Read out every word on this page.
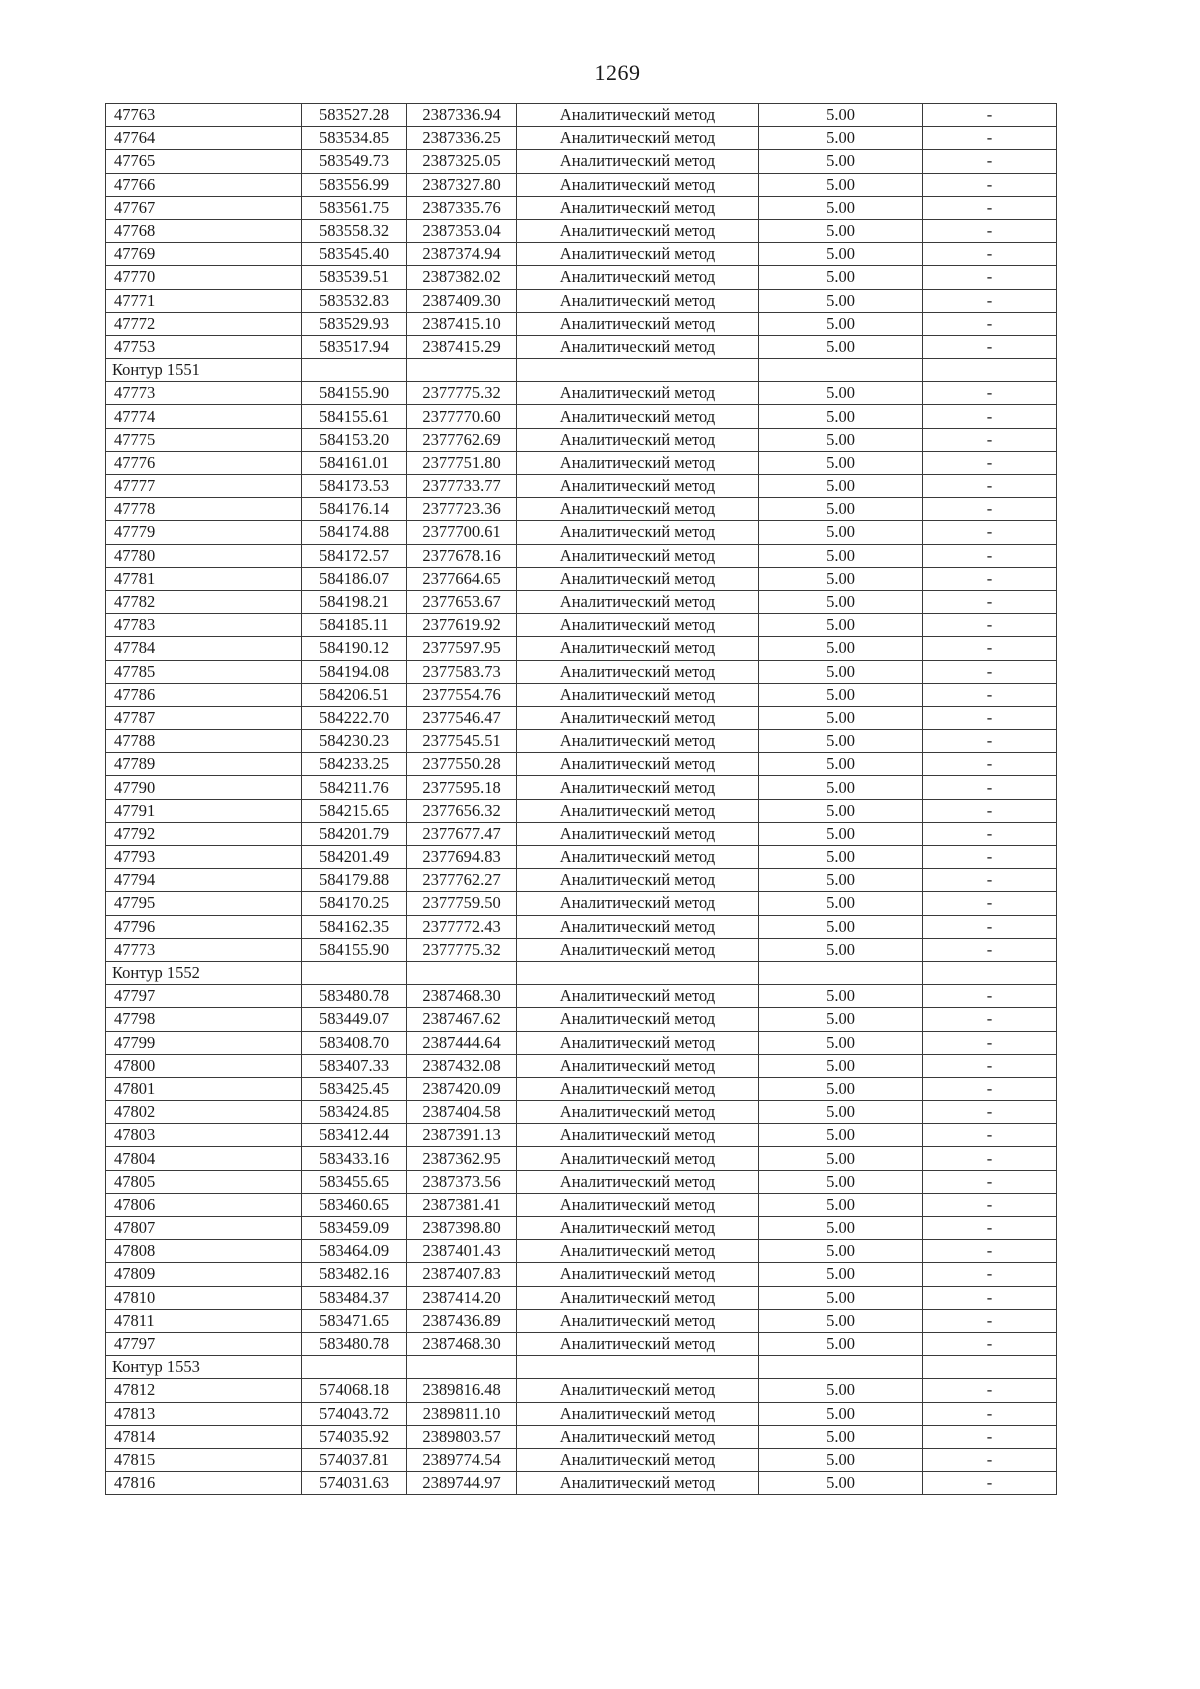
1269
47763	583527.28	2387336.94	Аналитический метод	5.00	-
47764	583534.85	2387336.25	Аналитический метод	5.00	-
47765	583549.73	2387325.05	Аналитический метод	5.00	-
47766	583556.99	2387327.80	Аналитический метод	5.00	-
47767	583561.75	2387335.76	Аналитический метод	5.00	-
47768	583558.32	2387353.04	Аналитический метод	5.00	-
47769	583545.40	2387374.94	Аналитический метод	5.00	-
47770	583539.51	2387382.02	Аналитический метод	5.00	-
47771	583532.83	2387409.30	Аналитический метод	5.00	-
47772	583529.93	2387415.10	Аналитический метод	5.00	-
47753	583517.94	2387415.29	Аналитический метод	5.00	-
Контур 1551					
47773	584155.90	2377775.32	Аналитический метод	5.00	-
47774	584155.61	2377770.60	Аналитический метод	5.00	-
47775	584153.20	2377762.69	Аналитический метод	5.00	-
47776	584161.01	2377751.80	Аналитический метод	5.00	-
47777	584173.53	2377733.77	Аналитический метод	5.00	-
47778	584176.14	2377723.36	Аналитический метод	5.00	-
47779	584174.88	2377700.61	Аналитический метод	5.00	-
47780	584172.57	2377678.16	Аналитический метод	5.00	-
47781	584186.07	2377664.65	Аналитический метод	5.00	-
47782	584198.21	2377653.67	Аналитический метод	5.00	-
47783	584185.11	2377619.92	Аналитический метод	5.00	-
47784	584190.12	2377597.95	Аналитический метод	5.00	-
47785	584194.08	2377583.73	Аналитический метод	5.00	-
47786	584206.51	2377554.76	Аналитический метод	5.00	-
47787	584222.70	2377546.47	Аналитический метод	5.00	-
47788	584230.23	2377545.51	Аналитический метод	5.00	-
47789	584233.25	2377550.28	Аналитический метод	5.00	-
47790	584211.76	2377595.18	Аналитический метод	5.00	-
47791	584215.65	2377656.32	Аналитический метод	5.00	-
47792	584201.79	2377677.47	Аналитический метод	5.00	-
47793	584201.49	2377694.83	Аналитический метод	5.00	-
47794	584179.88	2377762.27	Аналитический метод	5.00	-
47795	584170.25	2377759.50	Аналитический метод	5.00	-
47796	584162.35	2377772.43	Аналитический метод	5.00	-
47773	584155.90	2377775.32	Аналитический метод	5.00	-
Контур 1552					
47797	583480.78	2387468.30	Аналитический метод	5.00	-
47798	583449.07	2387467.62	Аналитический метод	5.00	-
47799	583408.70	2387444.64	Аналитический метод	5.00	-
47800	583407.33	2387432.08	Аналитический метод	5.00	-
47801	583425.45	2387420.09	Аналитический метод	5.00	-
47802	583424.85	2387404.58	Аналитический метод	5.00	-
47803	583412.44	2387391.13	Аналитический метод	5.00	-
47804	583433.16	2387362.95	Аналитический метод	5.00	-
47805	583455.65	2387373.56	Аналитический метод	5.00	-
47806	583460.65	2387381.41	Аналитический метод	5.00	-
47807	583459.09	2387398.80	Аналитический метод	5.00	-
47808	583464.09	2387401.43	Аналитический метод	5.00	-
47809	583482.16	2387407.83	Аналитический метод	5.00	-
47810	583484.37	2387414.20	Аналитический метод	5.00	-
47811	583471.65	2387436.89	Аналитический метод	5.00	-
47797	583480.78	2387468.30	Аналитический метод	5.00	-
Контур 1553					
47812	574068.18	2389816.48	Аналитический метод	5.00	-
47813	574043.72	2389811.10	Аналитический метод	5.00	-
47814	574035.92	2389803.57	Аналитический метод	5.00	-
47815	574037.81	2389774.54	Аналитический метод	5.00	-
47816	574031.63	2389744.97	Аналитический метод	5.00	-
